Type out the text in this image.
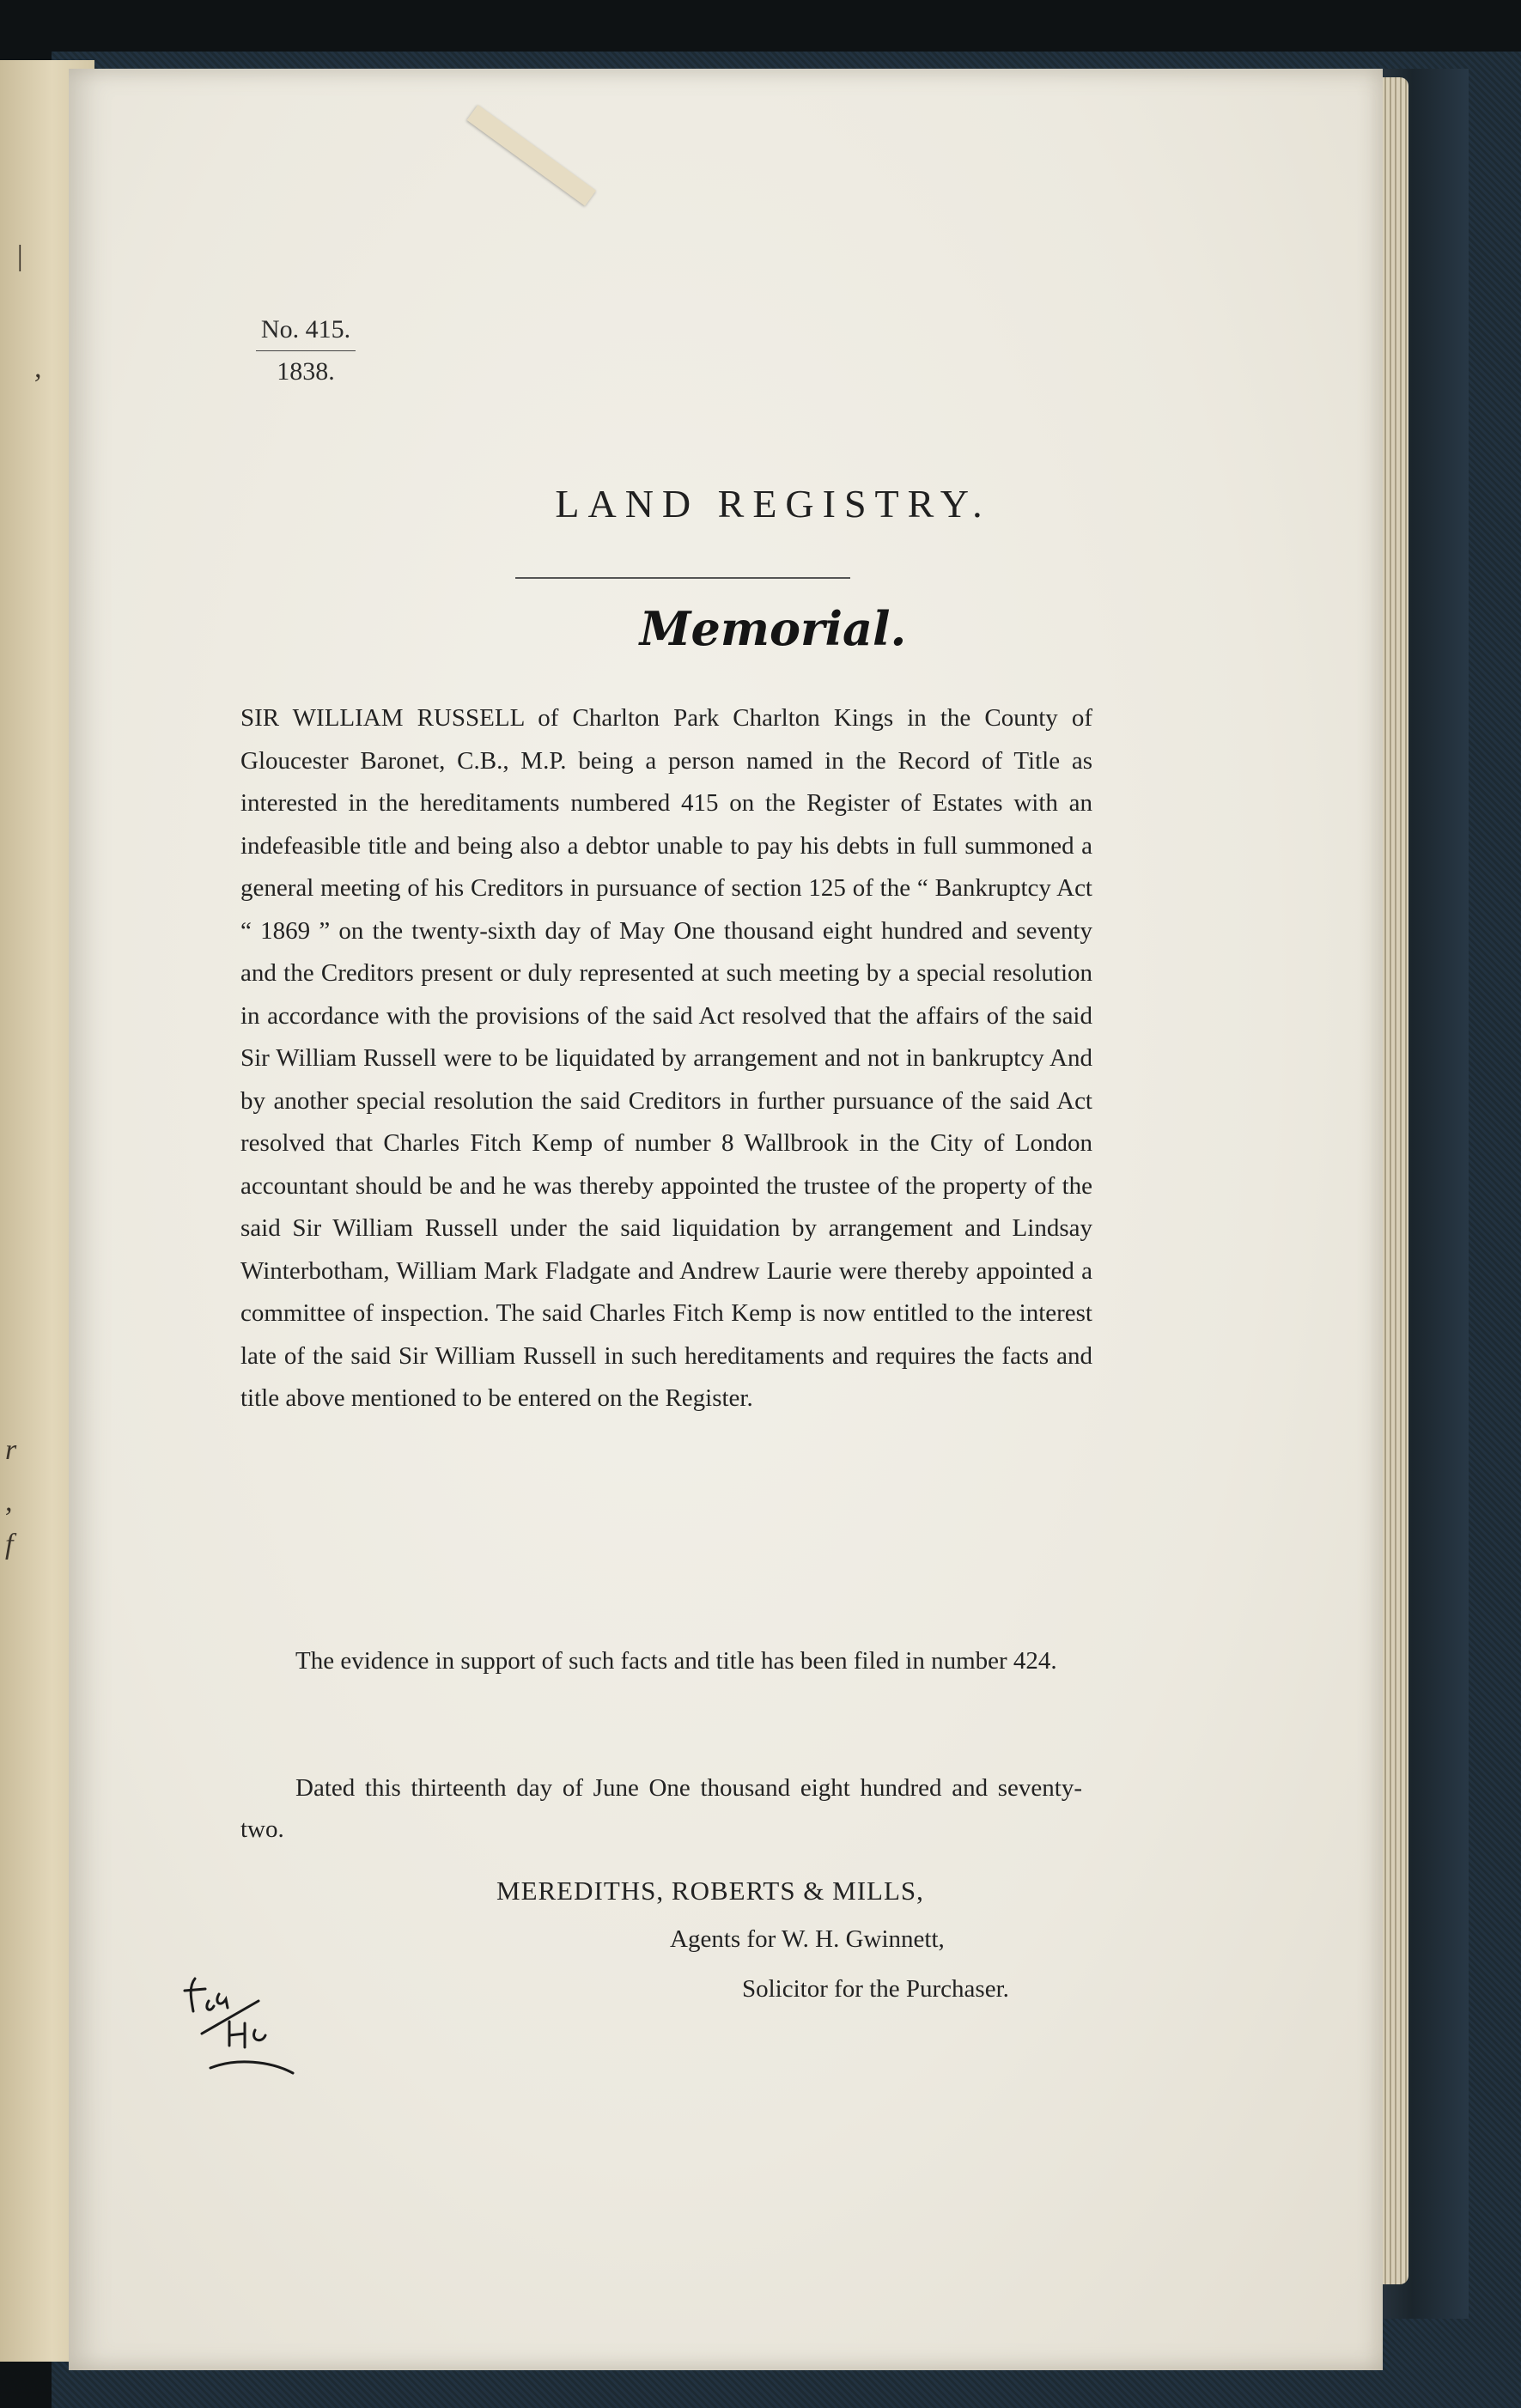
|
,
r
,
f
No. 415.
1838.
LAND REGISTRY.
Memorial.
SIR WILLIAM RUSSELL of Charlton Park Charlton Kings in the County of Gloucester Baronet, C.B., M.P. being a person named in the Record of Title as interested in the hereditaments numbered 415 on the Register of Estates with an indefeasible title and being also a debtor unable to pay his debts in full summoned a general meeting of his Creditors in pursuance of section 125 of the “ Bankruptcy Act “ 1869 ” on the twenty-sixth day of May One thousand eight hundred and seventy and the Creditors present or duly represented at such meeting by a special resolution in accordance with the provisions of the said Act resolved that the affairs of the said Sir William Russell were to be liquidated by arrangement and not in bankruptcy And by another special resolution the said Creditors in further pursuance of the said Act resolved that Charles Fitch Kemp of number 8 Wallbrook in the City of London accountant should be and he was thereby appointed the trustee of the property of the said Sir William Russell under the said liquidation by arrangement and Lindsay Winterbotham, William Mark Fladgate and Andrew Laurie were thereby appointed a committee of inspection. The said Charles Fitch Kemp is now entitled to the interest late of the said Sir William Russell in such hereditaments and requires the facts and title above mentioned to be entered on the Register.
The evidence in support of such facts and title has been filed in number 424.
Dated this thirteenth day of June One thousand eight hundred and seventy-two.
MEREDITHS, ROBERTS & MILLS,
Agents for W. H. Gwinnett,
Solicitor for the Purchaser.
